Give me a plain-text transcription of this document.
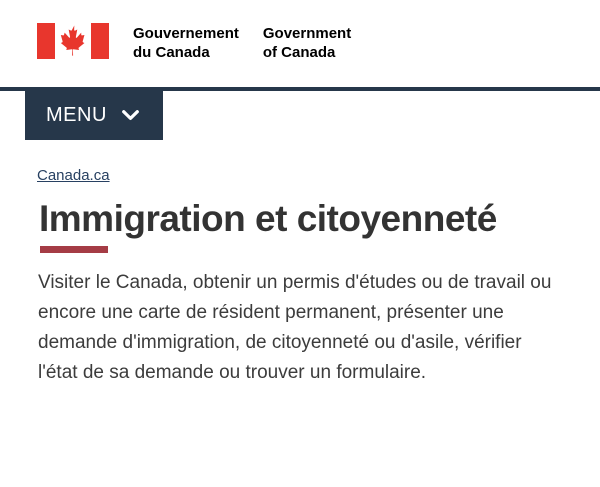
Gouvernement
du Canada
Government
of Canada
MENU
Canada.ca
Immigration et citoyenneté

Visiter le Canada, obtenir un permis d'études ou de travail ou encore une carte de résident permanent, présenter une demande d'immigration, de citoyenneté ou d'asile, vérifier l'état de sa demande ou trouver un formulaire.
